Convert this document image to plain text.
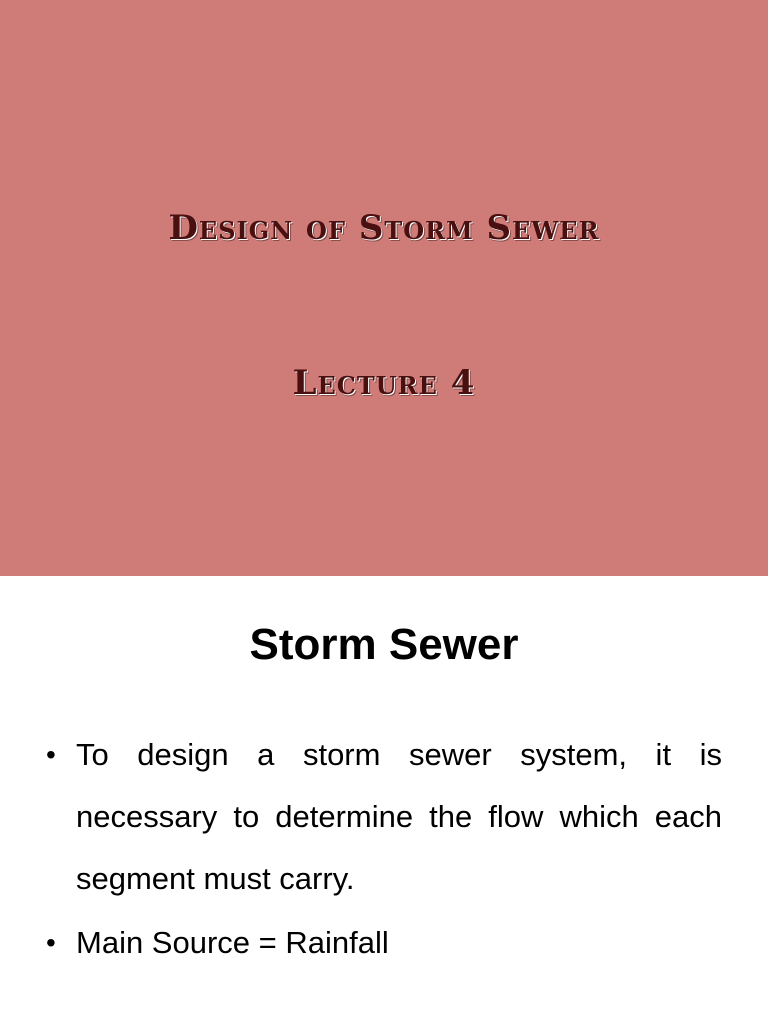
Design of Storm Sewer
Lecture 4
Storm Sewer
• To design a storm sewer system, it is necessary to determine the flow which each segment must carry.
• Main Source = Rainfall
